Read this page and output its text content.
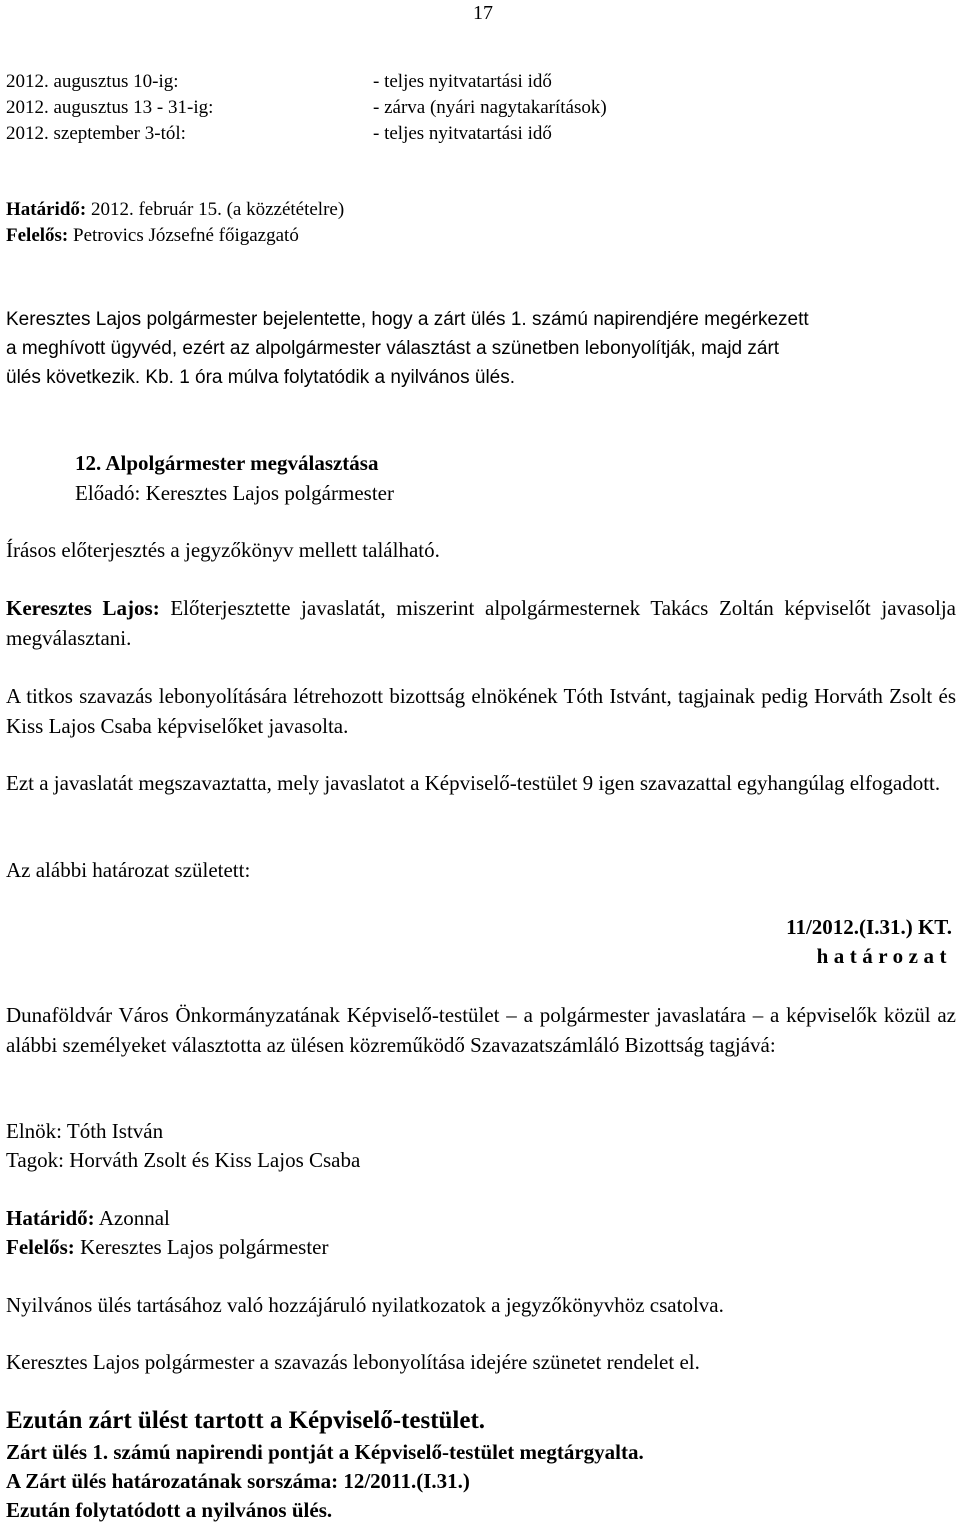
17
2012. augusztus 10-ig:	- teljes nyitvatartási idő
2012. augusztus 13 - 31-ig:	- zárva (nyári nagytakarítások)
2012. szeptember 3-tól:	- teljes nyitvatartási idő
Határidő: 2012. február 15. (a közzétételre)
Felelős: Petrovics Józsefné főigazgató
Keresztes Lajos polgármester bejelentette, hogy a zárt ülés 1. számú napirendjére megérkezett
a meghívott ügyvéd, ezért az alpolgármester választást a szünetben lebonyolítják, majd zárt
ülés következik. Kb. 1 óra múlva folytatódik a nyilvános ülés.
12. Alpolgármester megválasztása
Előadó: Keresztes Lajos polgármester
Írásos előterjesztés a jegyzőkönyv mellett található.
Keresztes Lajos: Előterjesztette javaslatát, miszerint alpolgármesternek Takács Zoltán képviselőt javasolja megválasztani.
A titkos szavazás lebonyolítására létrehozott bizottság elnökének Tóth Istvánt, tagjainak pedig Horváth Zsolt és Kiss Lajos Csaba képviselőket javasolta.
Ezt a javaslatát megszavaztatta, mely javaslatot a Képviselő-testület 9 igen szavazattal egyhangúlag elfogadott.
Az alábbi határozat született:
11/2012.(I.31.) KT.
határozat
Dunaföldvár Város Önkormányzatának Képviselő-testület – a polgármester javaslatára – a képviselők közül az alábbi személyeket választotta az ülésen közreműködő Szavazatszámláló Bizottság tagjává:
Elnök: Tóth István
Tagok: Horváth Zsolt és Kiss Lajos Csaba
Határidő: Azonnal
Felelős: Keresztes Lajos polgármester
Nyilvános ülés tartásához való hozzájáruló nyilatkozatok a jegyzőkönyvhöz csatolva.
Keresztes Lajos polgármester a szavazás lebonyolítása idejére szünetet rendelet el.
Ezután zárt ülést tartott a Képviselő-testület.
Zárt ülés 1. számú napirendi pontját a Képviselő-testület megtárgyalta.
A Zárt ülés határozatának sorszáma: 12/2011.(I.31.)
Ezután folytatódott a nyilvános ülés.
